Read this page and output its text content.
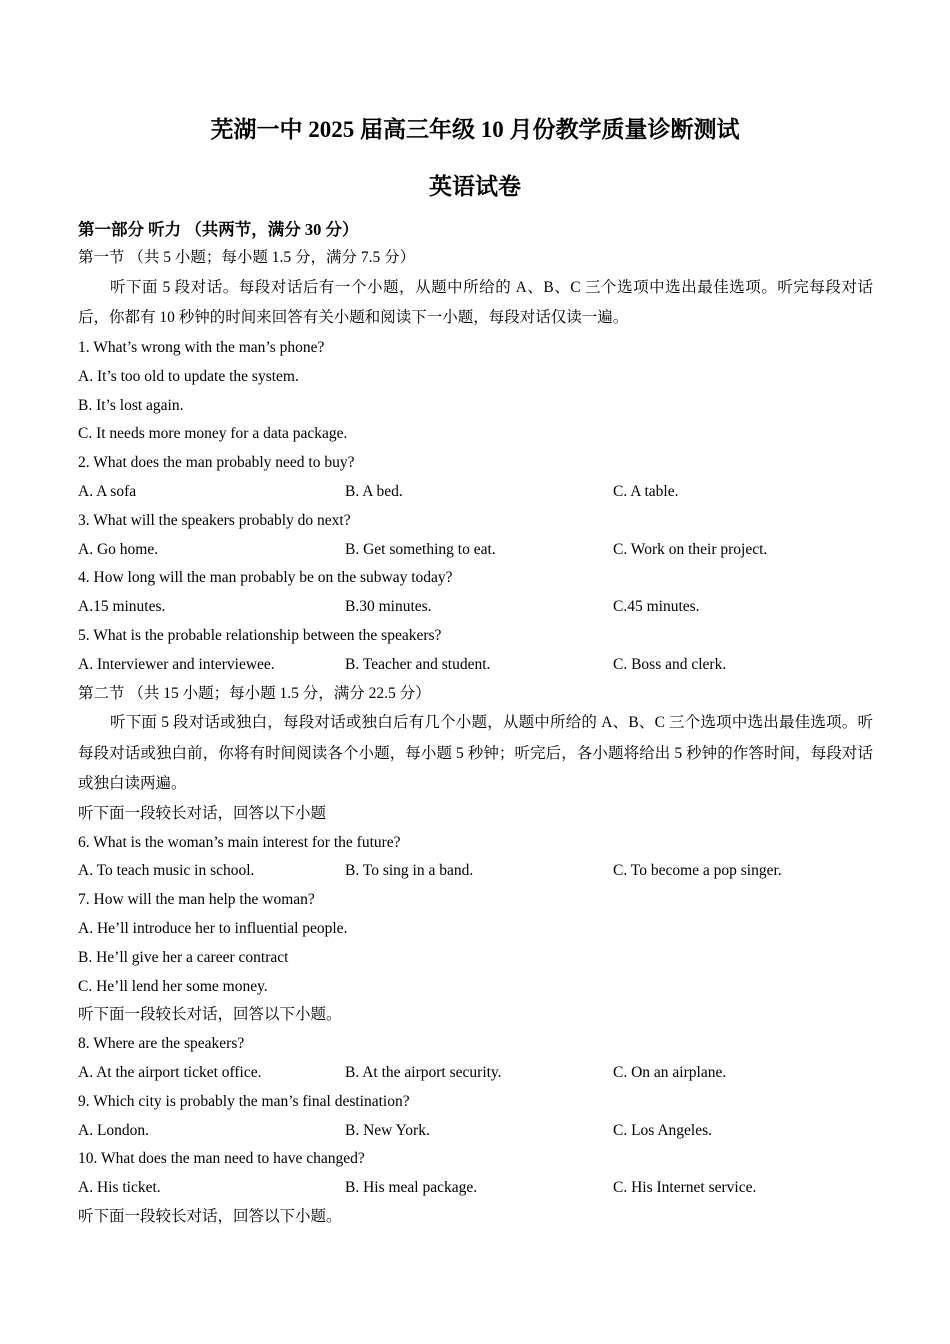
芜湖一中 2025 届高三年级 10 月份教学质量诊断测试
英语试卷
第一部分 听力 （共两节，满分 30 分）
第一节 （共 5 小题；每小题 1.5 分，满分 7.5 分）

听下面 5 段对话。每段对话后有一个小题，从题中所给的 A、B、C 三个选项中选出最佳选项。听完每段对话后，你都有 10 秒钟的时间来回答有关小题和阅读下一小题，每段对话仅读一遍。

1. What’s wrong with the man’s phone?
A. It’s too old to update the system.
B. It’s lost again.
C. It needs more money for a data package.
2. What does the man probably need to buy?
A. A sofa	B. A bed.	C. A table.
3. What will the speakers probably do next?
A. Go home.	B. Get something to eat.	C. Work on their project.
4. How long will the man probably be on the subway today?
A.15 minutes.	B.30 minutes.	C.45 minutes.
5. What is the probable relationship between the speakers?
A. Interviewer and interviewee.	B. Teacher and student.	C. Boss and clerk.
第二节 （共 15 小题；每小题 1.5 分，满分 22.5 分）

听下面 5 段对话或独白，每段对话或独白后有几个小题，从题中所给的 A、B、C 三个选项中选出最佳选项。听每段对话或独白前，你将有时间阅读各个小题，每小题 5 秒钟；听完后，各小题将给出 5 秒钟的作答时间，每段对话或独白读两遍。

听下面一段较长对话，回答以下小题
6. What is the woman’s main interest for the future?
A. To teach music in school.	B. To sing in a band.	C. To become a pop singer.
7. How will the man help the woman?
A. He’ll introduce her to influential people.
B. He’ll give her a career contract
C. He’ll lend her some money.
听下面一段较长对话，回答以下小题。
8. Where are the speakers?
A. At the airport ticket office.	B. At the airport security.	C. On an airplane.
9. Which city is probably the man’s final destination?
A. London.	B. New York.	C. Los Angeles.
10. What does the man need to have changed?
A. His ticket.	B. His meal package.	C. His Internet service.
听下面一段较长对话，回答以下小题。
